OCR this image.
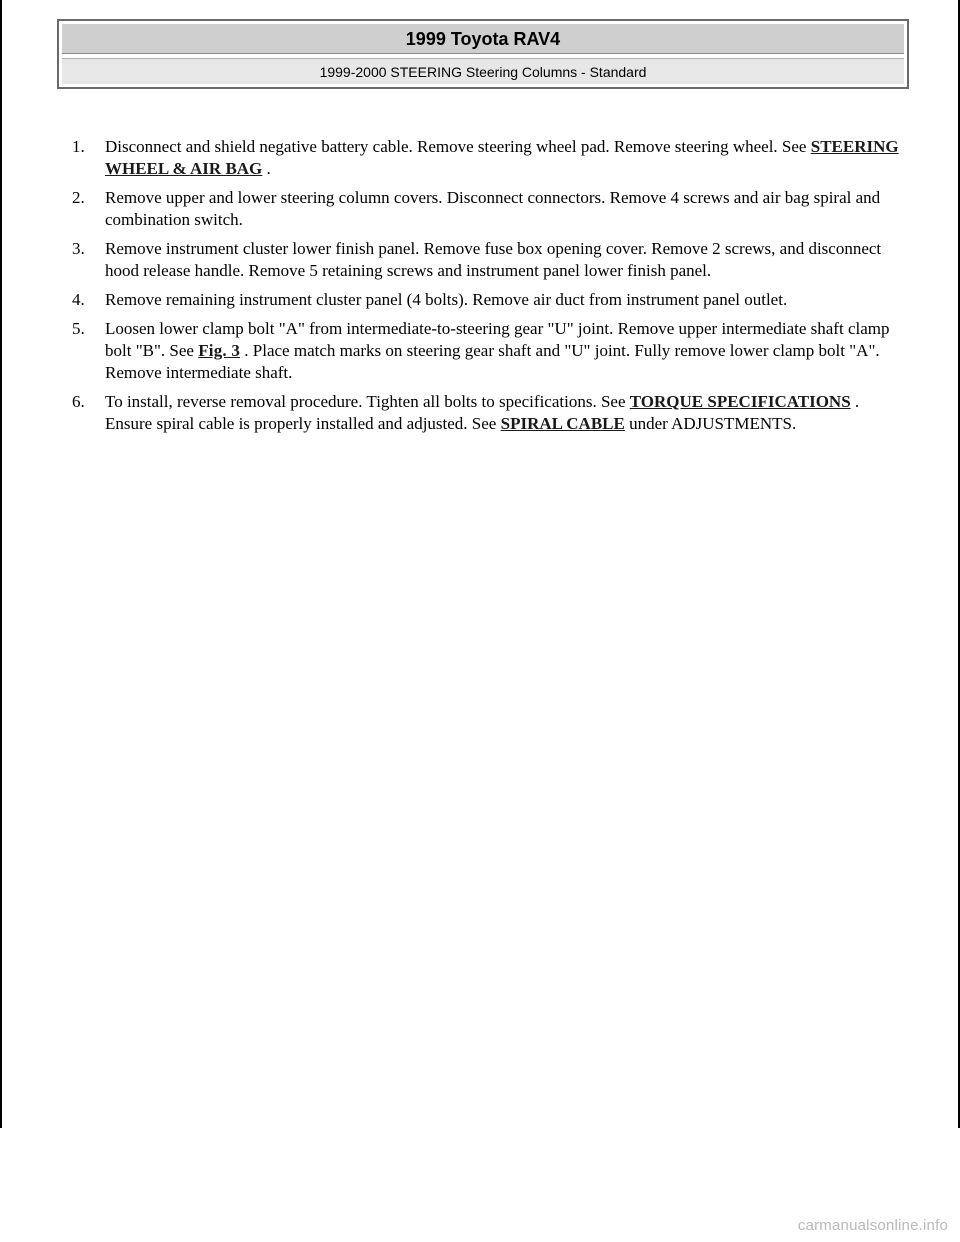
1999 Toyota RAV4
1999-2000 STEERING Steering Columns - Standard
1. Disconnect and shield negative battery cable. Remove steering wheel pad. Remove steering wheel. See STEERING WHEEL & AIR BAG .
2. Remove upper and lower steering column covers. Disconnect connectors. Remove 4 screws and air bag spiral and combination switch.
3. Remove instrument cluster lower finish panel. Remove fuse box opening cover. Remove 2 screws, and disconnect hood release handle. Remove 5 retaining screws and instrument panel lower finish panel.
4. Remove remaining instrument cluster panel (4 bolts). Remove air duct from instrument panel outlet.
5. Loosen lower clamp bolt "A" from intermediate-to-steering gear "U" joint. Remove upper intermediate shaft clamp bolt "B". See Fig. 3 . Place match marks on steering gear shaft and "U" joint. Fully remove lower clamp bolt "A". Remove intermediate shaft.
6. To install, reverse removal procedure. Tighten all bolts to specifications. See TORQUE SPECIFICATIONS . Ensure spiral cable is properly installed and adjusted. See SPIRAL CABLE under ADJUSTMENTS.
carmanualsonline.info
